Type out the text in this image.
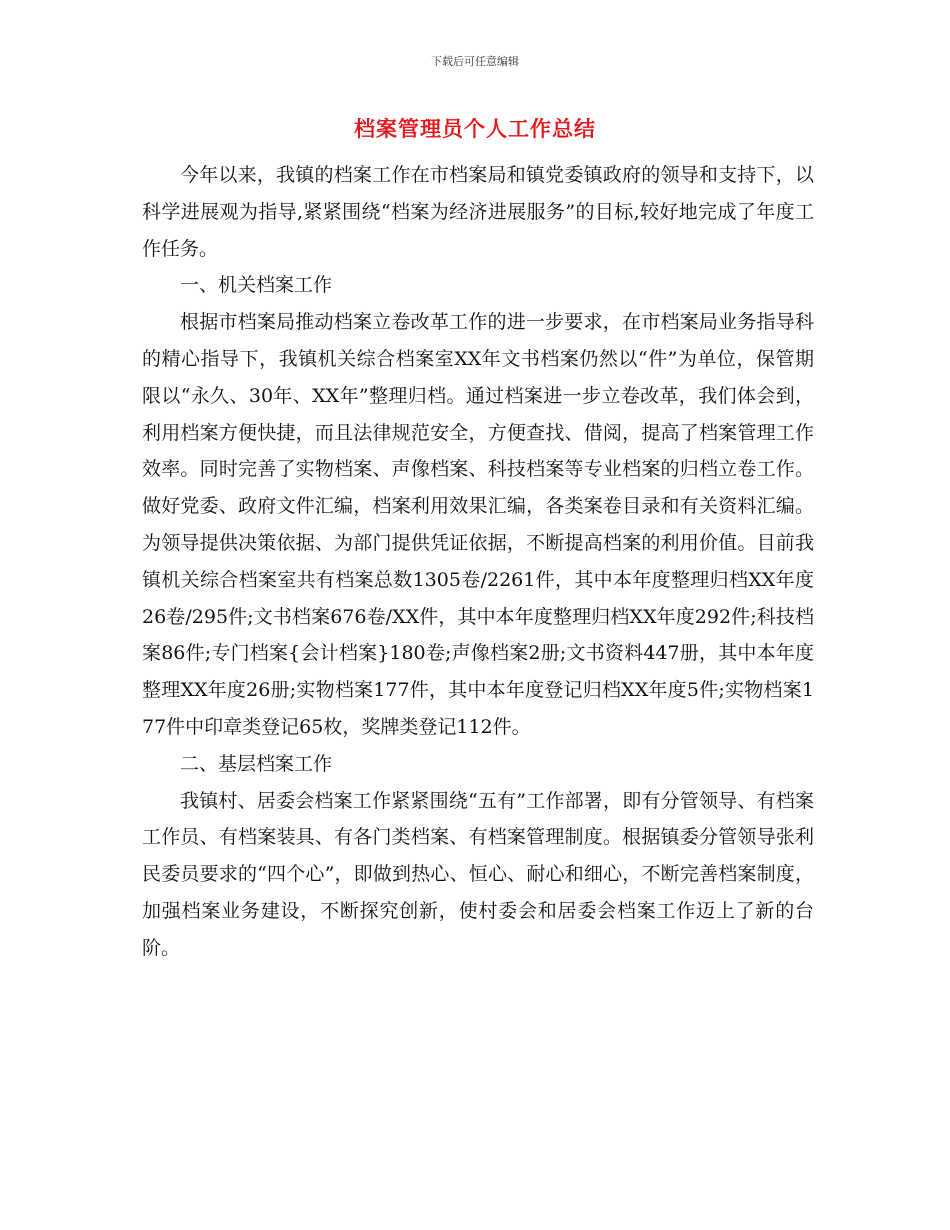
下载后可任意编辑
档案管理员个人工作总结

今年以来，我镇的档案工作在市档案局和镇党委镇政府的领导和支持下，以科学进展观为指导,紧紧围绕“档案为经济进展服务”的目标,较好地完成了年度工作任务。

一、机关档案工作

根据市档案局推动档案立卷改革工作的进一步要求，在市档案局业务指导科的精心指导下，我镇机关综合档案室XX年文书档案仍然以“件”为单位，保管期限以“永久、30年、XX年”整理归档。通过档案进一步立卷改革，我们体会到，利用档案方便快捷，而且法律规范安全，方便查找、借阅，提高了档案管理工作效率。同时完善了实物档案、声像档案、科技档案等专业档案的归档立卷工作。做好党委、政府文件汇编，档案利用效果汇编，各类案卷目录和有关资料汇编。为领导提供决策依据、为部门提供凭证依据，不断提高档案的利用价值。目前我镇机关综合档案室共有档案总数1305卷/2261件，其中本年度整理归档XX年度26卷/295件;文书档案676卷/XX件，其中本年度整理归档XX年度292件;科技档案86件;专门档案{会计档案}180卷;声像档案2册;文书资料447册，其中本年度整理XX年度26册;实物档案177件，其中本年度登记归档XX年度5件;实物档案177件中印章类登记65枚，奖牌类登记112件。

二、基层档案工作

我镇村、居委会档案工作紧紧围绕“五有”工作部署，即有分管领导、有档案工作员、有档案装具、有各门类档案、有档案管理制度。根据镇委分管领导张利民委员要求的“四个心”，即做到热心、恒心、耐心和细心，不断完善档案制度，加强档案业务建设，不断探究创新，使村委会和居委会档案工作迈上了新的台阶。
